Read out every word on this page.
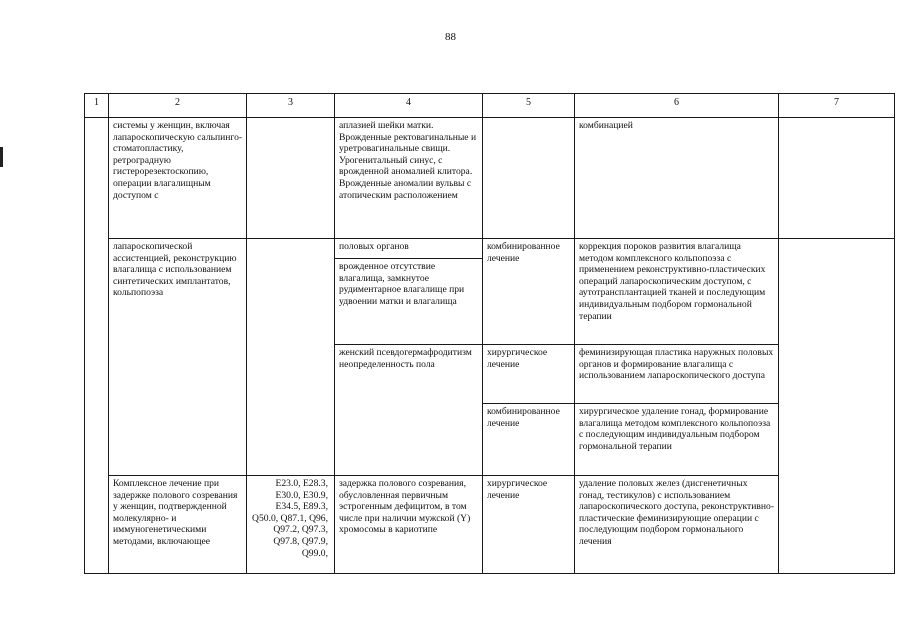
88
1	2	3	4	5	6	7
	системы у женщин, включая лапароскопическую сальпинго-стоматопластику, ретроградную гистерорезектоскопию, операции влагалищным доступом с		аплазией шейки матки. Врожденные ректовагинальные и уретровагинальные свищи. Урогенитальный синус, с врожденной аномалией клитора. Врожденные аномалии вульвы с атопическим расположением		комбинацией	
	лапароскопической ассистенцией, реконструкцию влагалища с использованием синтетических имплантатов, кольпопоэза		половых органов	комбинированное лечение	коррекция пороков развития влагалища методом комплексного кольпопоэза с применением реконструктивно-пластических операций лапароскопическим доступом, с аутотрансплантацией тканей и последующим индивидуальным подбором гормональной терапии	
			врожденное отсутствие влагалища, замкнутое рудиментарное влагалище при удвоении матки и влагалища			
			женский псевдогермафродитизм неопределенность пола	хирургическое лечение	феминизирующая пластика наружных половых органов и формирование влагалища с использованием лапароскопического доступа	
				комбинированное лечение	хирургическое удаление гонад, формирование влагалища методом комплексного кольпопоэза с последующим индивидуальным подбором гормональной терапии	
	Комплексное лечение при задержке полового созревания у женщин, подтвержденной молекулярно- и иммуногенетическими методами, включающее	E23.0, E28.3, E30.0, E30.9, E34.5, E89.3, Q50.0, Q87.1, Q96, Q97.2, Q97.3, Q97.8, Q97.9, Q99.0,	задержка полового созревания, обусловленная первичным эстрогенным дефицитом, в том числе при наличии мужской (Y) хромосомы в кариотипе	хирургическое лечение	удаление половых желез (дисгенетичных гонад, тестикулов) с использованием лапароскопического доступа, реконструктивно-пластические феминизирующие операции с последующим подбором гормонального лечения	
